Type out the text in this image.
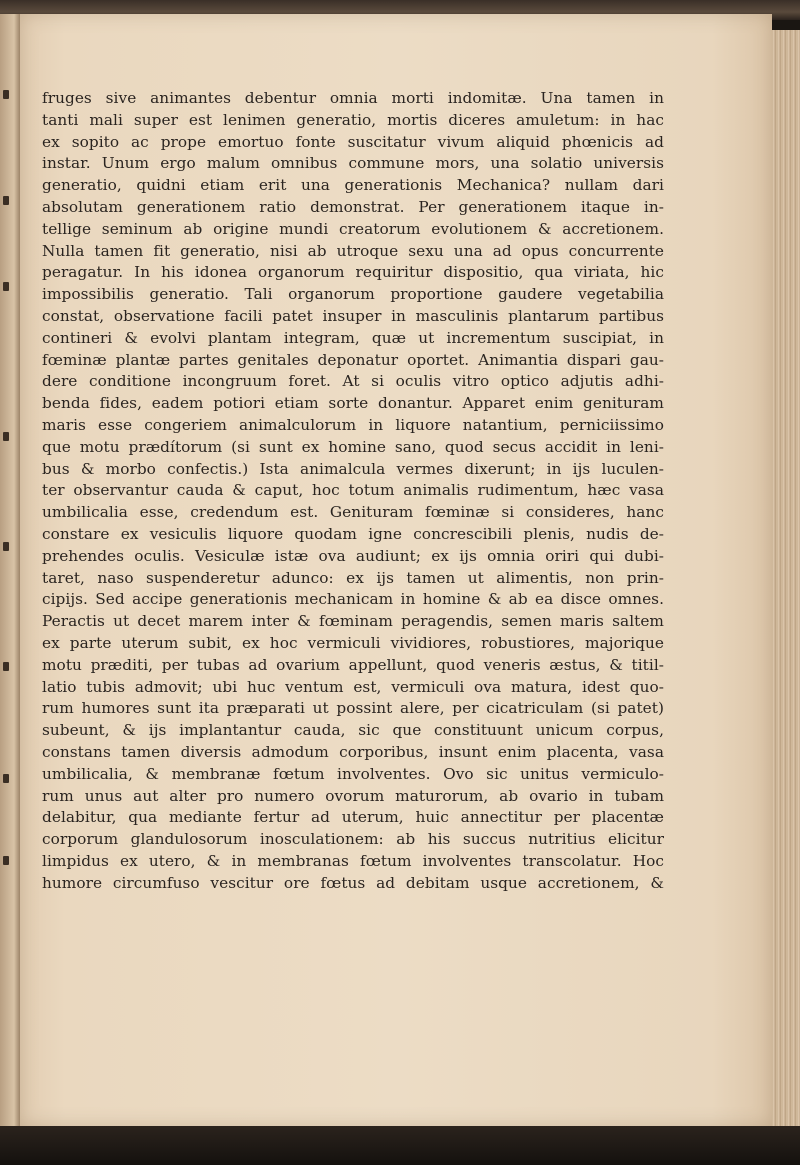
fruges sive animantes debentur omnia morti indomitæ. Una tamen in
tanti mali super est lenimen generatio, mortis diceres amuletum: in hac
ex sopito ac prope emortuo fonte suscitatur vivum aliquid phœnicis ad
instar. Unum ergo malum omnibus commune mors, una solatio universis
generatio, quidni etiam erit una generationis Mechanica? nullam dari
absolutam generationem ratio demonstrat. Per generationem itaque in-
tellige seminum ab origine mundi creatorum evolutionem & accretionem.
Nulla tamen fit generatio, nisi ab utroque sexu una ad opus concurrente
peragatur. In his idonea organorum requiritur dispositio, qua viriata, hic
impossibilis generatio. Tali organorum proportione gaudere vegetabilia
constat, observatione facili patet insuper in masculinis plantarum partibus
contineri & evolvi plantam integram, quæ ut incrementum suscipiat, in
fœminæ plantæ partes genitales deponatur oportet. Animantia dispari gau-
dere conditione incongruum foret. At si oculis vitro optico adjutis adhi-
benda fides, eadem potiori etiam sorte donantur. Apparet enim genituram
maris esse congeriem animalculorum in liquore natantium, perniciissimo
que motu prædítorum (si sunt ex homine sano, quod secus accidit in leni-
bus & morbo confectis.) Ista animalcula vermes dixerunt; in ijs luculen-
ter observantur cauda & caput, hoc totum animalis rudimentum, hæc vasa
umbilicalia esse, credendum est. Genituram fœminæ si consideres, hanc
constare ex vesiculis liquore quodam igne concrescibili plenis, nudis de-
prehendes oculis. Vesiculæ istæ ova audiunt; ex ijs omnia oriri qui dubi-
taret, naso suspenderetur adunco: ex ijs tamen ut alimentis, non prin-
cipijs. Sed accipe generationis mechanicam in homine & ab ea disce omnes.
Peractis ut decet marem inter & fœminam peragendis, semen maris saltem
ex parte uterum subit, ex hoc vermiculi vividiores, robustiores, majorique
motu præditi, per tubas ad ovarium appellunt, quod veneris æstus, & titil-
latio tubis admovit; ubi huc ventum est, vermiculi ova matura, idest quo-
rum humores sunt ita præparati ut possint alere, per cicatriculam (si patet)
subeunt, & ijs implantantur cauda, sic que constituunt unicum corpus,
constans tamen diversis admodum corporibus, insunt enim placenta, vasa
umbilicalia, & membranæ fœtum involventes. Ovo sic unitus vermiculo-
rum unus aut alter pro numero ovorum maturorum, ab ovario in tubam
delabitur, qua mediante fertur ad uterum, huic annectitur per placentæ
corporum glandulosorum inosculationem: ab his succus nutritius elicitur
limpidus ex utero, & in membranas fœtum involventes transcolatur. Hoc
humore circumfuso vescitur ore fœtus ad debitam usque accretionem, &
